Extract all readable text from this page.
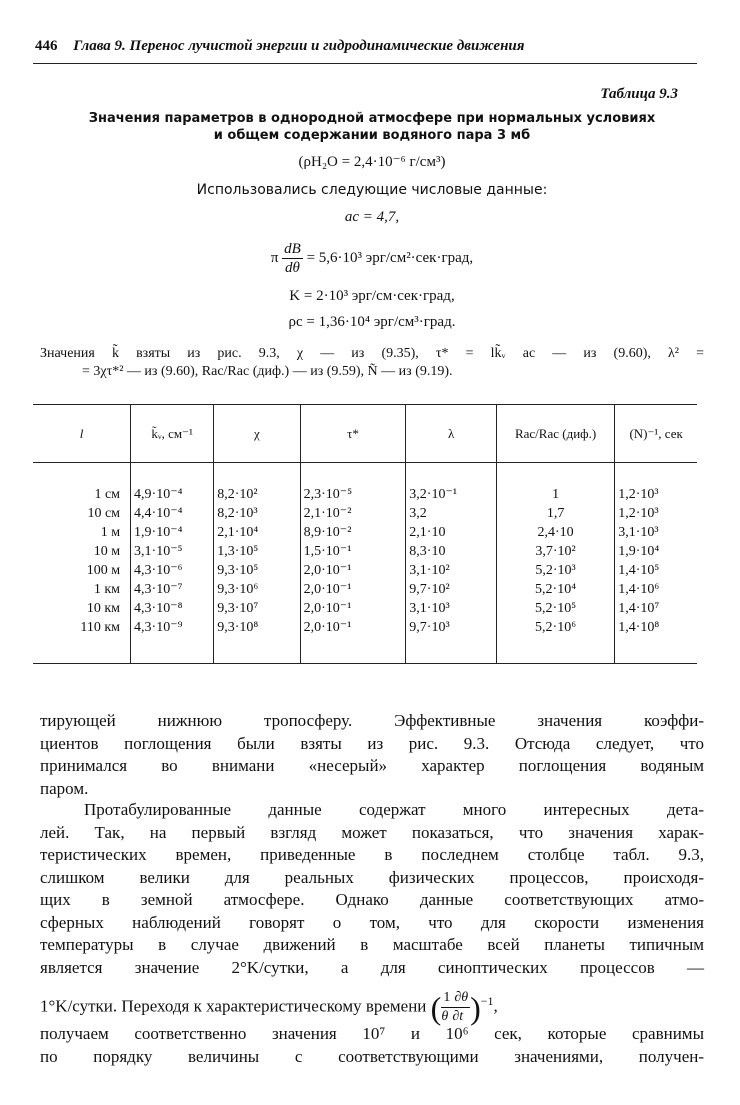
446 Глава 9. Перенос лучистой энергии и гидродинамические движения
Таблица 9.3
Значения параметров в однородной атмосфере при нормальных условиях
и общем содержании водяного пара 3 мб
(ρH₂O = 2,4·10⁻⁶ г/см³)
Использовались следующие числовые данные:
ac = 4,7,
π $\frac{dB}{d\theta} = 5,6\cdot 10^3$ эрг/см²·сек·град,
K = 2·10³ эрг/см·сек·град,
ρc = 1,36·10⁴ эрг/см³·град.
Значения k̃ взяты из рис. 9.3, χ — из (9.35), τ* = lk̃ᵥ ac — из (9.60), λ² =
= 3χτ*² — из (9.60), Rac/Rac (диф.) — из (9.59), Ñ — из (9.19).
l	k̃ᵥ, см⁻¹	χ	τ*	λ	Rac/Rac (диф.)	(N)⁻¹, сек

1 см	4,9·10⁻⁴	8,2·10²	2,3·10⁻⁵	3,2·10⁻¹	1	1,2·10³
10 см	4,4·10⁻⁴	8,2·10³	2,1·10⁻²	3,2	1,7	1,2·10³
1 м	1,9·10⁻⁴	2,1·10⁴	8,9·10⁻²	2,1·10	2,4·10	3,1·10³
10 м	3,1·10⁻⁵	1,3·10⁵	1,5·10⁻¹	8,3·10	3,7·10²	1,9·10⁴
100 м	4,3·10⁻⁶	9,3·10⁵	2,0·10⁻¹	3,1·10²	5,2·10³	1,4·10⁵
1 км	4,3·10⁻⁷	9,3·10⁶	2,0·10⁻¹	9,7·10²	5,2·10⁴	1,4·10⁶
10 км	4,3·10⁻⁸	9,3·10⁷	2,0·10⁻¹	3,1·10³	5,2·10⁵	1,4·10⁷
110 км	4,3·10⁻⁹	9,3·10⁸	2,0·10⁻¹	9,7·10³	5,2·10⁶	1,4·10⁸
тирующей нижнюю тропосферу. Эффективные значения коэффи-
циентов поглощения были взяты из рис. 9.3. Отсюда следует, что
принимался во внимани «несерый» характер поглощения водяным
паром.
Протабулированные данные содержат много интересных дета-
лей. Так, на первый взгляд может показаться, что значения харак-
теристических времен, приведенные в последнем столбце табл. 9.3,
слишком велики для реальных физических процессов, происходя-
щих в земной атмосфере. Однако данные соответствующих атмо-
сферных наблюдений говорят о том, что для скорости изменения
температуры в случае движений в масштабе всей планеты типичным
является значение 2°K/сутки, а для синоптических процессов —
1°K/сутки. Переходя к характеристическому времени ( $\frac{1}{\theta} \frac{\partial\theta}{\partial t} )^{-1}$,
получаем соответственно значения 10⁷ и 10⁶ сек, которые сравнимы
по порядку величины с соответствующими значениями, получен-
